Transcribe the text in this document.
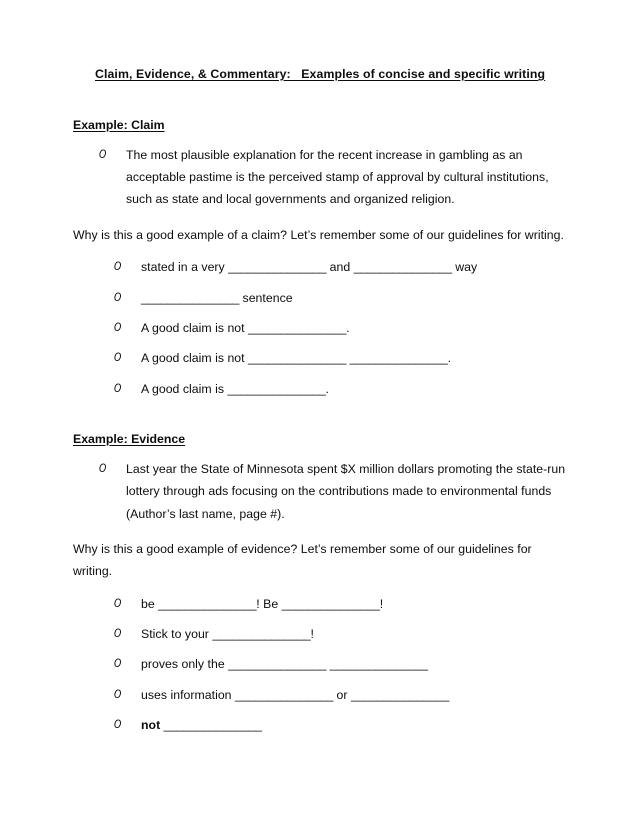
Claim, Evidence, & Commentary:   Examples of concise and specific writing
Example: Claim
O The most plausible explanation for the recent increase in gambling as an acceptable pastime is the perceived stamp of approval by cultural institutions, such as state and local governments and organized religion.

Why is this a good example of a claim? Let’s remember some of our guidelines for writing.

O stated in a very _______________ and _______________ way
O _______________ sentence
O A good claim is not _______________.
O A good claim is not _______________ _______________.
O A good claim is _______________.
Example: Evidence
O Last year the State of Minnesota spent $X million dollars promoting the state-run lottery through ads focusing on the contributions made to environmental funds (Author’s last name, page #).

Why is this a good example of evidence? Let’s remember some of our guidelines for writing.

O be _______________! Be _______________!
O Stick to your _______________!
O proves only the _______________ _______________
O uses information _______________ or _______________
O not _______________
